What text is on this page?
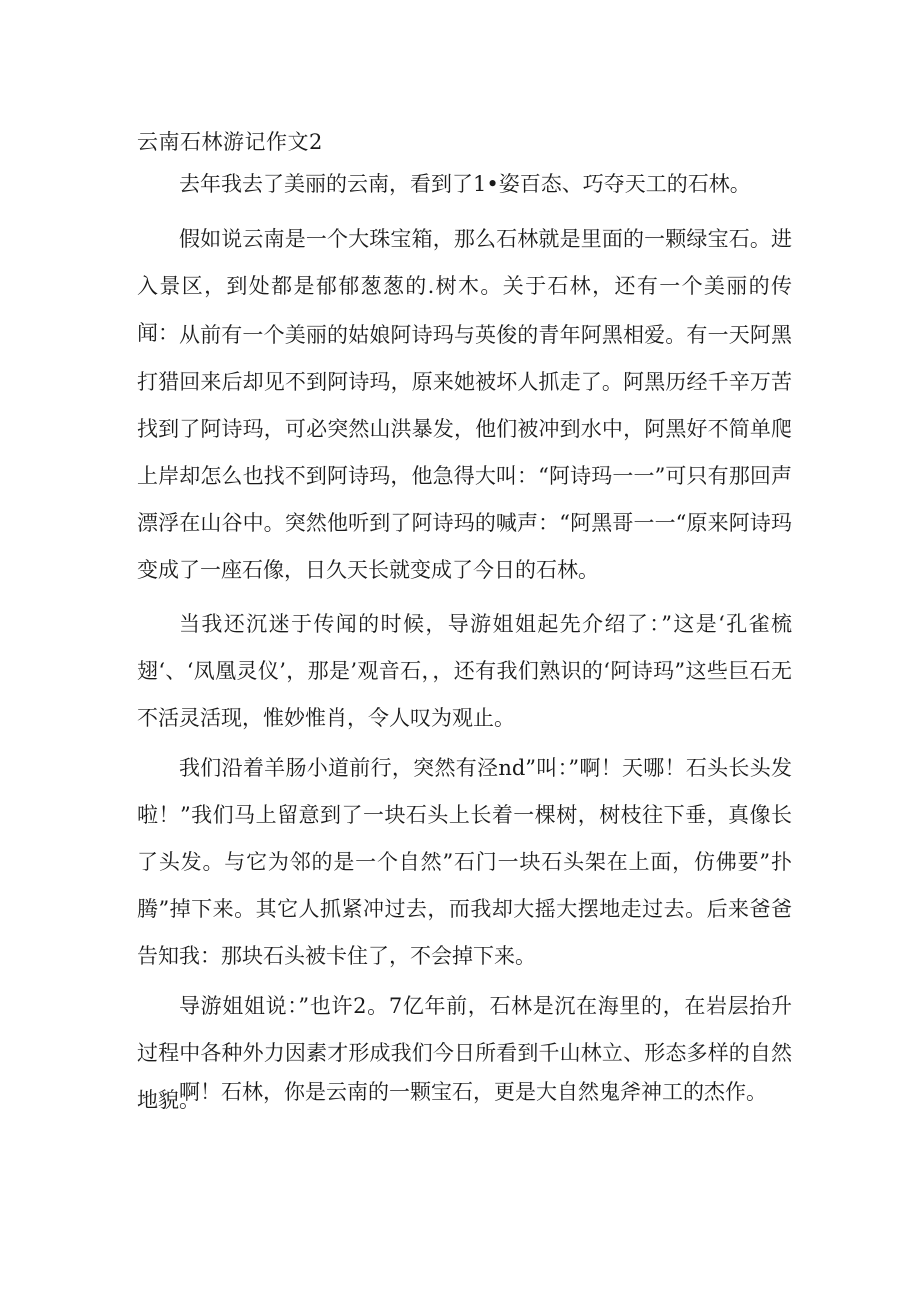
云南石林游记作文2

去年我去了美丽的云南，看到了1•姿百态、巧夺天工的石林。

假如说云南是一个大珠宝箱，那么石林就是里面的一颗绿宝石。进入景区，到处都是郁郁葱葱的.树木。关于石林，还有一个美丽的传闻： 从前有一个美丽的姑娘阿诗玛与英俊的青年阿黑相爱。有一天阿黑打猎回来后却见不到阿诗玛，原来她被坏人抓走了。阿黑历经千辛万苦找到了阿诗玛，可必突然山洪暴发，他们被冲到水中，阿黑好不简单爬上岸却怎么也找不到阿诗玛，他急得大叫：“阿诗玛一一”可只有那回声漂浮在山谷中。突然他听到了阿诗玛的喊声：“阿黑哥一一“原来阿诗玛变成了一座石像，日久天长就变成了今日的石林。

当我还沉迷于传闻的时候，导游姐姐起先介绍了：”这是‘孔雀梳翅‘、‘凤凰灵仪’，那是’观音石，，还有我们熟识的‘阿诗玛”这些巨石无不活灵活现，惟妙惟肖，令人叹为观止。

我们沿着羊肠小道前行，突然有泾nd”叫：”啊！天哪！石头长头发啦！”我们马上留意到了一块石头上长着一棵树，树枝往下垂，真像长了头发。与它为邻的是一个自然”石门一块石头架在上面，仿佛要”扑腾”掉下来。其它人抓紧冲过去，而我却大摇大摆地走过去。后来爸爸告知我：那块石头被卡住了，不会掉下来。

导游姐姐说：”也许2。7亿年前，石林是沉在海里的，在岩层抬升过程中各种外力因素才形成我们今日所看到千山林立、形态多样的自然地貌。

啊！石林，你是云南的一颗宝石，更是大自然鬼斧神工的杰作。
